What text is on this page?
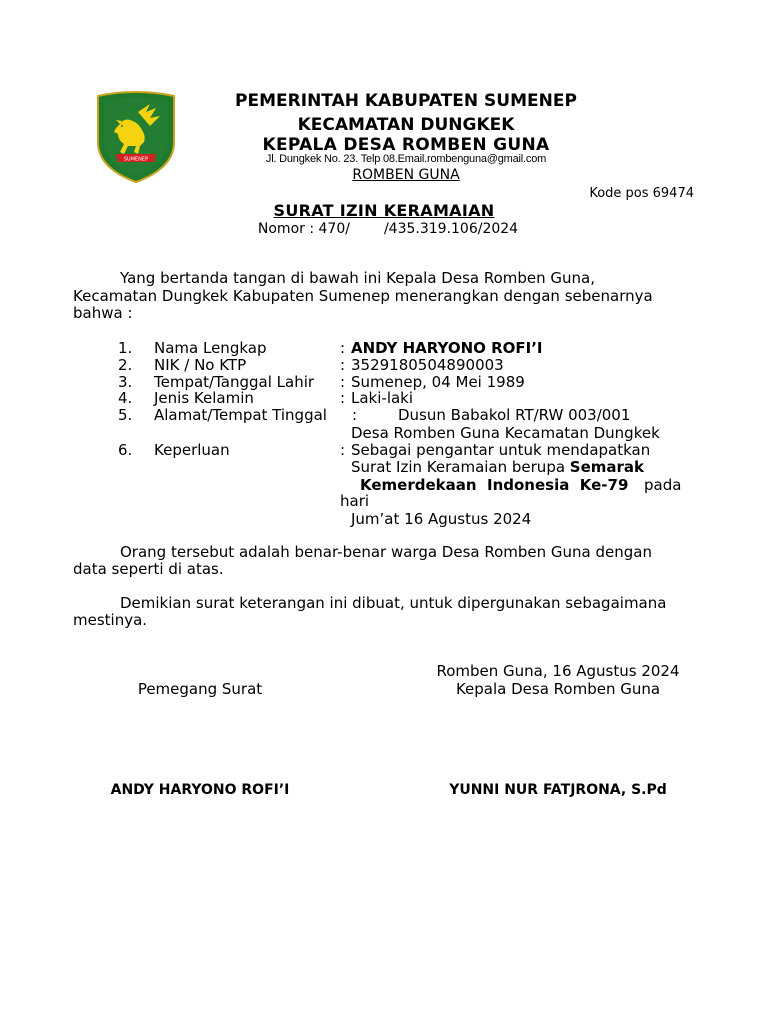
SUMENEP
PEMERINTAH KABUPATEN SUMENEP
KECAMATAN DUNGKEK
KEPALA DESA ROMBEN GUNA
Jl. Dungkek No. 23. Telp 08.Email.rombenguna@gmail.com
ROMBEN GUNA
Kode pos 69474
SURAT IZIN KERAMAIAN
Nomor : 470/ /435.319.106/2024
Yang bertanda tangan di bawah ini Kepala Desa Romben Guna,
Kecamatan Dungkek Kabupaten Sumenep menerangkan dengan sebenarnya
bahwa :
1. Nama Lengkap	: ANDY HARYONO ROFI’I
2. NIK / No KTP	: 3529180504890003
3. Tempat/Tanggal Lahir : Sumenep, 04 Mei 1989
4. Jenis Kelamin	: Laki-laki
5. Alamat/Tempat Tinggal :	Dusun Babakol RT/RW 003/001
Desa Romben Guna Kecamatan Dungkek
6. Keperluan	: Sebagai pengantar untuk mendapatkan
Surat Izin Keramaian berupa Semarak
Kemerdekaan  Indonesia  Ke-79 pada
hari
Jum’at 16 Agustus 2024
Orang tersebut adalah benar-benar warga Desa Romben Guna dengan
data seperti di atas.
Demikian surat keterangan ini dibuat, untuk dipergunakan sebagaimana
mestinya.
Romben Guna, 16 Agustus 2024
Pemegang Surat	Kepala Desa Romben Guna
ANDY HARYONO ROFI’I	YUNNI NUR FATJRONA, S.Pd
